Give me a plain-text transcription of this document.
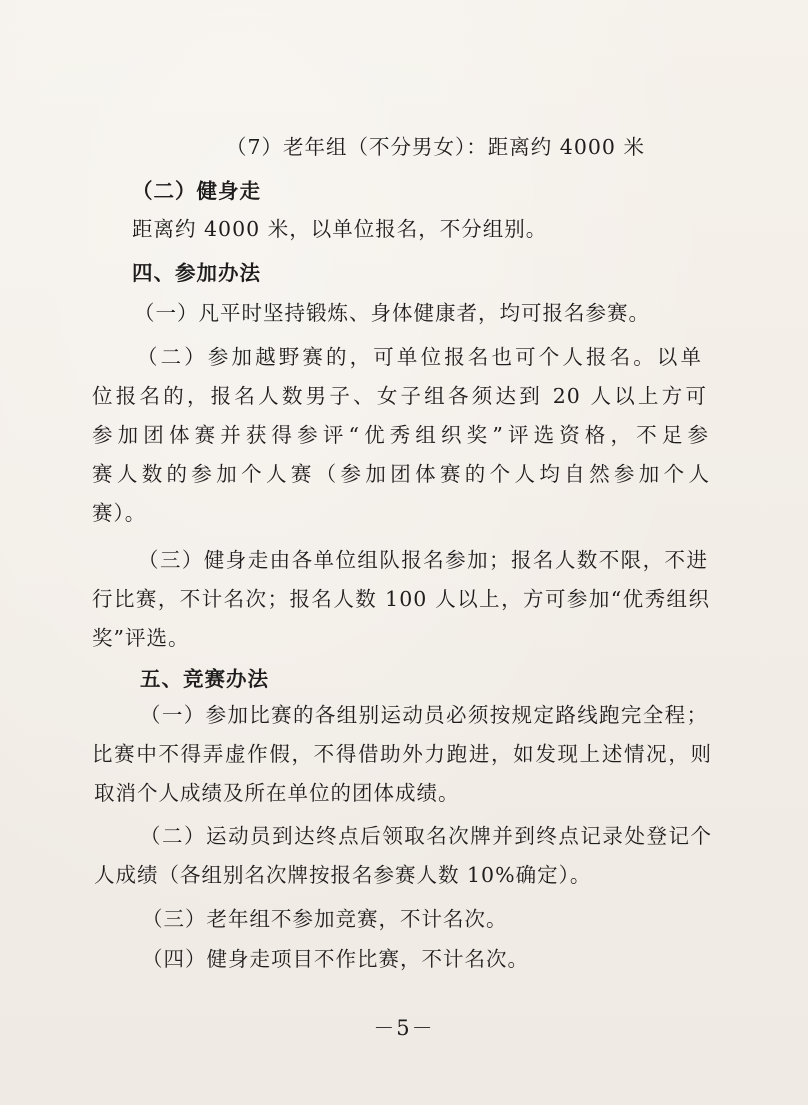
（7）老年组（不分男女）：距离约 4000 米
（二）健身走
距离约 4000 米，以单位报名，不分组别。
四、参加办法
（一）凡平时坚持锻炼、身体健康者，均可报名参赛。
（二）参加越野赛的，可单位报名也可个人报名。以单
位报名的，报名人数男子、女子组各须达到 20 人以上方可
参加团体赛并获得参评“优秀组织奖”评选资格，不足参
赛人数的参加个人赛（参加团体赛的个人均自然参加个人
赛）。
（三）健身走由各单位组队报名参加；报名人数不限，不进
行比赛，不计名次；报名人数 100 人以上，方可参加“优秀组织
奖”评选。
五、竞赛办法
（一）参加比赛的各组别运动员必须按规定路线跑完全程；
比赛中不得弄虚作假，不得借助外力跑进，如发现上述情况，则
取消个人成绩及所在单位的团体成绩。
（二）运动员到达终点后领取名次牌并到终点记录处登记个
人成绩（各组别名次牌按报名参赛人数 10%确定）。
（三）老年组不参加竞赛，不计名次。
（四）健身走项目不作比赛，不计名次。
－5－
